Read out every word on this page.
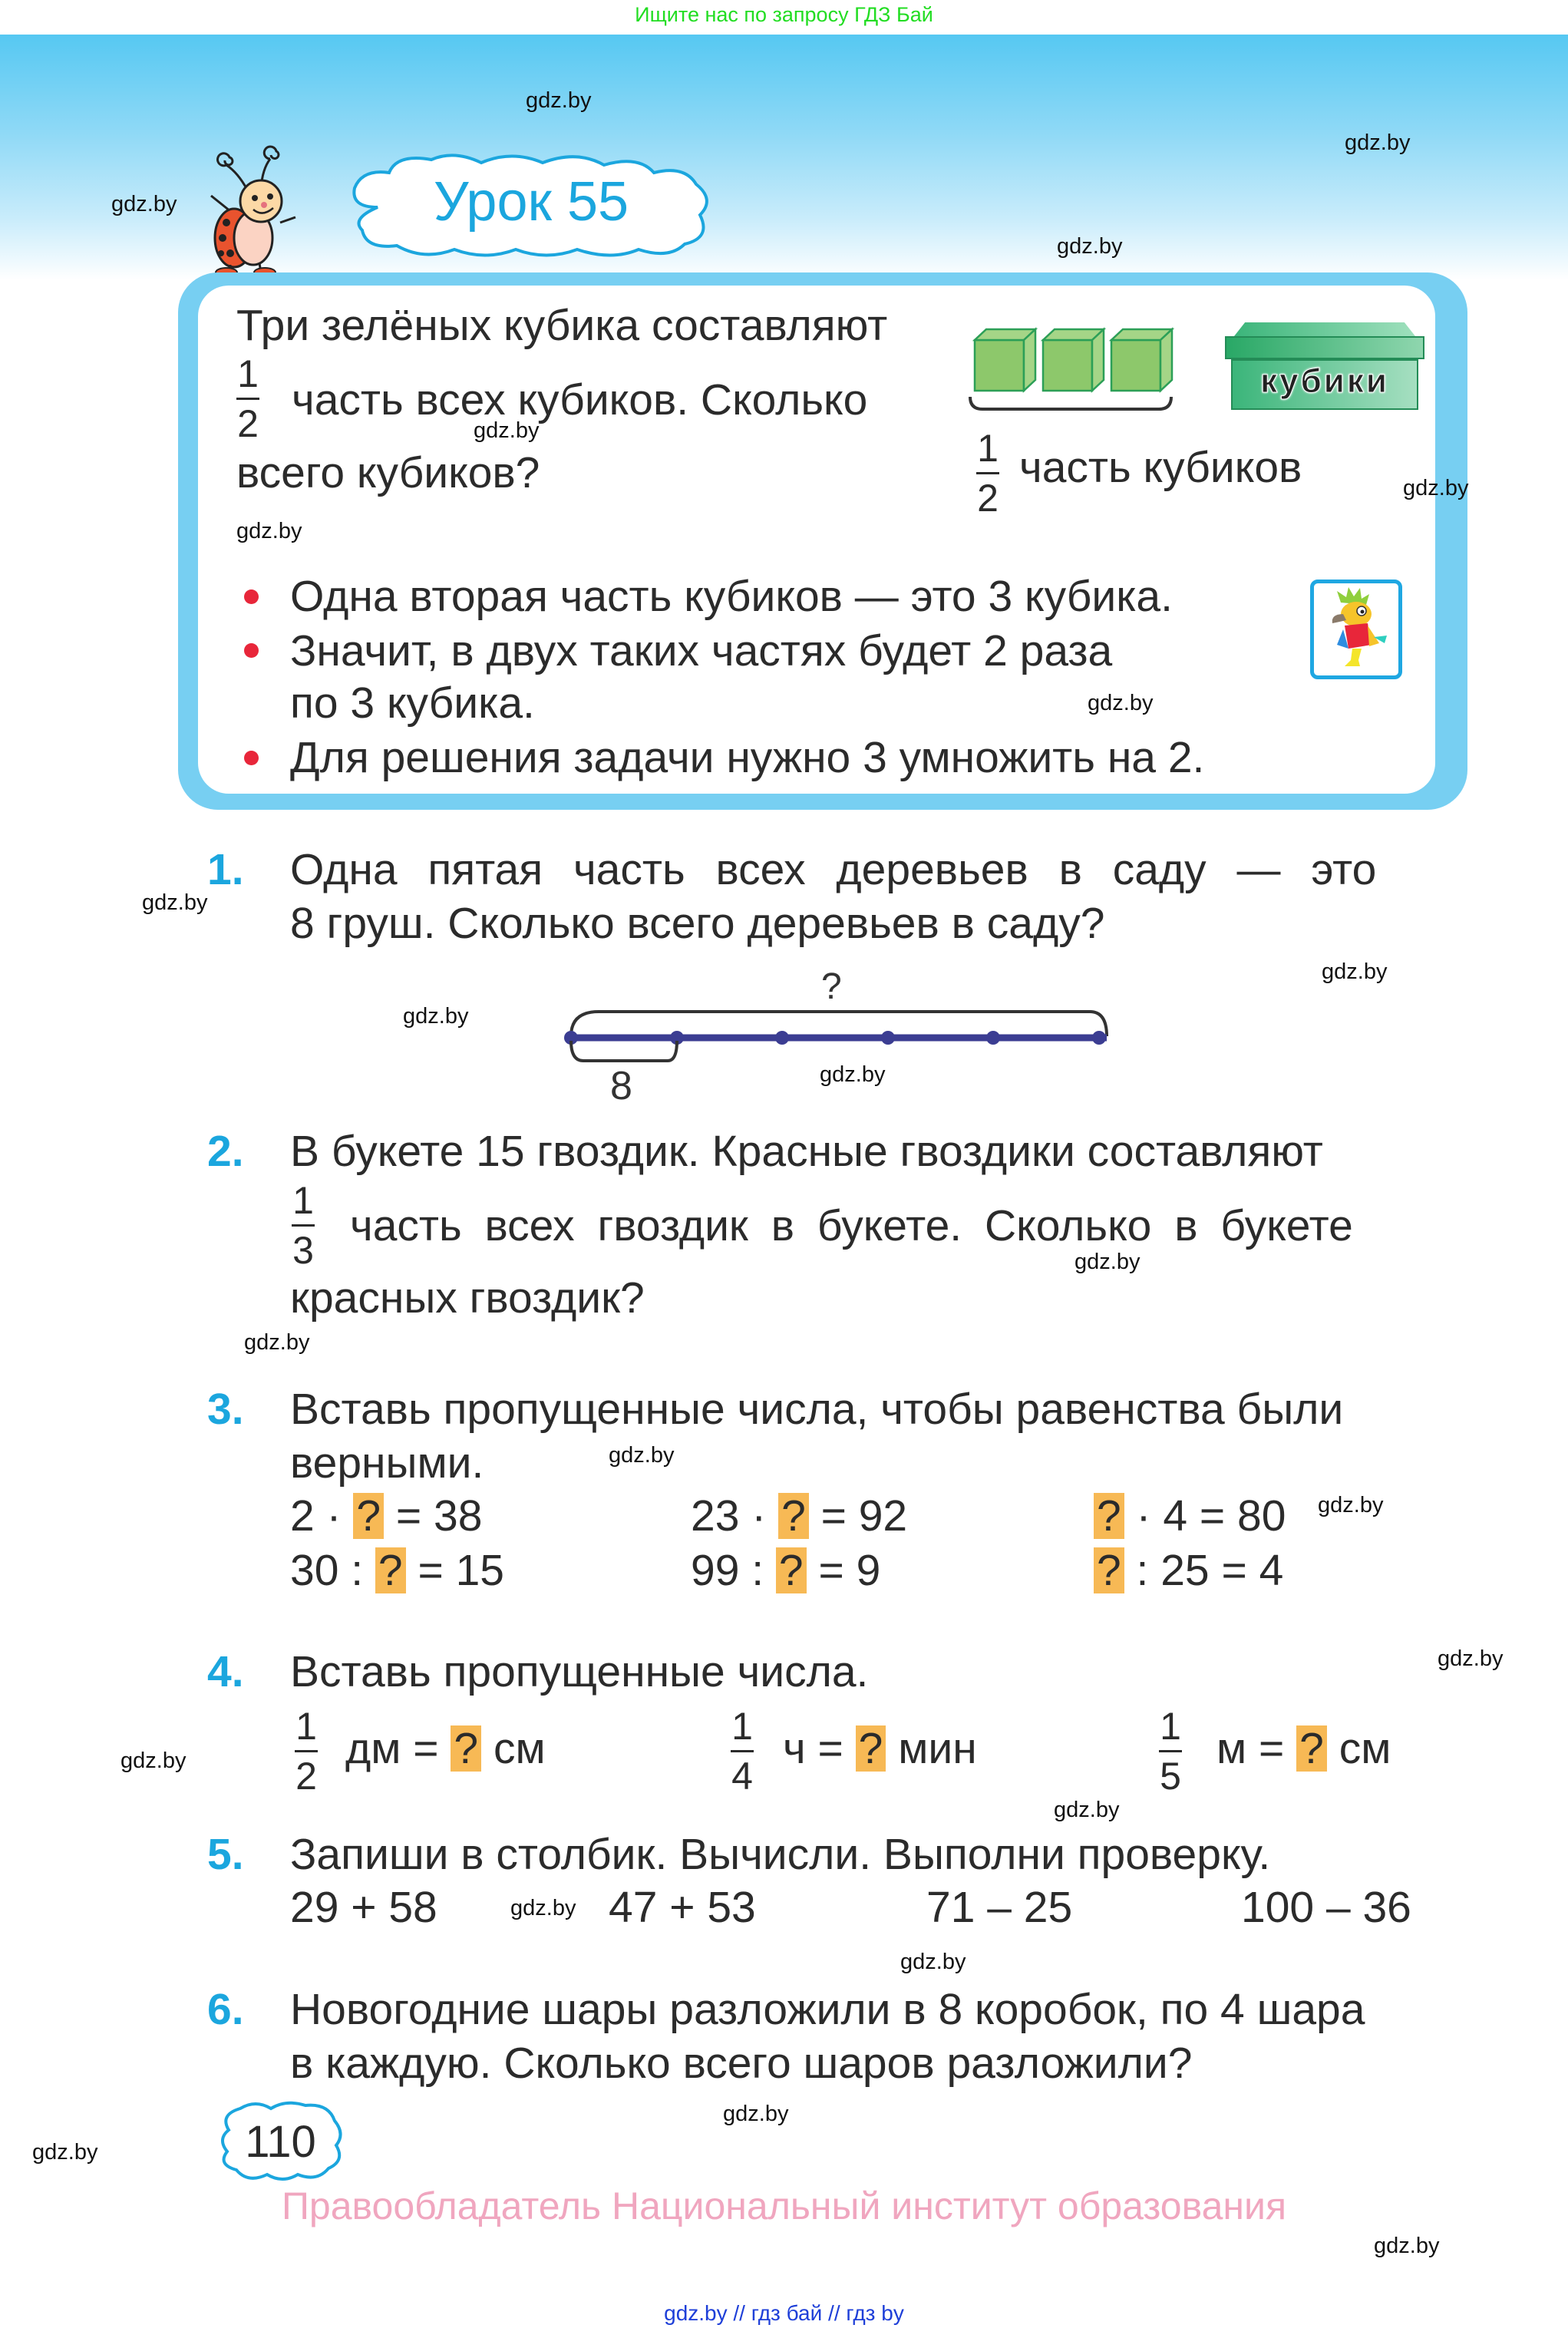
Ищите нас по запросу ГДЗ Бай
Урок 55
Три зелёных кубика составляют
1
2 часть всех кубиков. Сколько
всего кубиков?	1
2
часть кубиков
кубики
Одна вторая часть кубиков — это 3 кубика.
Значит, в двух таких частях будет 2 раза
по 3 кубика.
Для решения задачи нужно 3 умножить на 2.
1. Одна пятая часть всех деревьев в саду — это
8 груш. Сколько всего деревьев в саду?
?
8
2. В букете 15 гвоздик. Красные гвоздики составляют
1
3 часть всех гвоздик в букете. Сколько в букете
красных гвоздик?
3. Вставь пропущенные числа, чтобы равенства были
верными.
2 · ? = 38	23 · ? = 92	? · 4 = 80
30 : ? = 15	99 : ? = 9	? : 25 = 4
4. Вставь пропущенные числа.
1
2
дм = ? см	1
4
ч = ? мин	1
5
м = ? см
5. Запиши в столбик. Вычисли. Выполни проверку.
29 + 58	47 + 53	71 – 25	100 – 36
6. Новогодние шары разложили в 8 коробок, по 4 шара
в каждую. Сколько всего шаров разложили?
110
Правообладатель Национальный институт образования
gdz.by // гдз бай // гдз by
gdz.by
gdz.by
gdz.by
gdz.by
gdz.by
gdz.by
gdz.by
gdz.by
gdz.by
gdz.by
gdz.by
gdz.by
gdz.by
gdz.by
gdz.by
gdz.by
gdz.by
gdz.by
gdz.by
gdz.by
gdz.by
gdz.by
gdz.by
gdz.by
